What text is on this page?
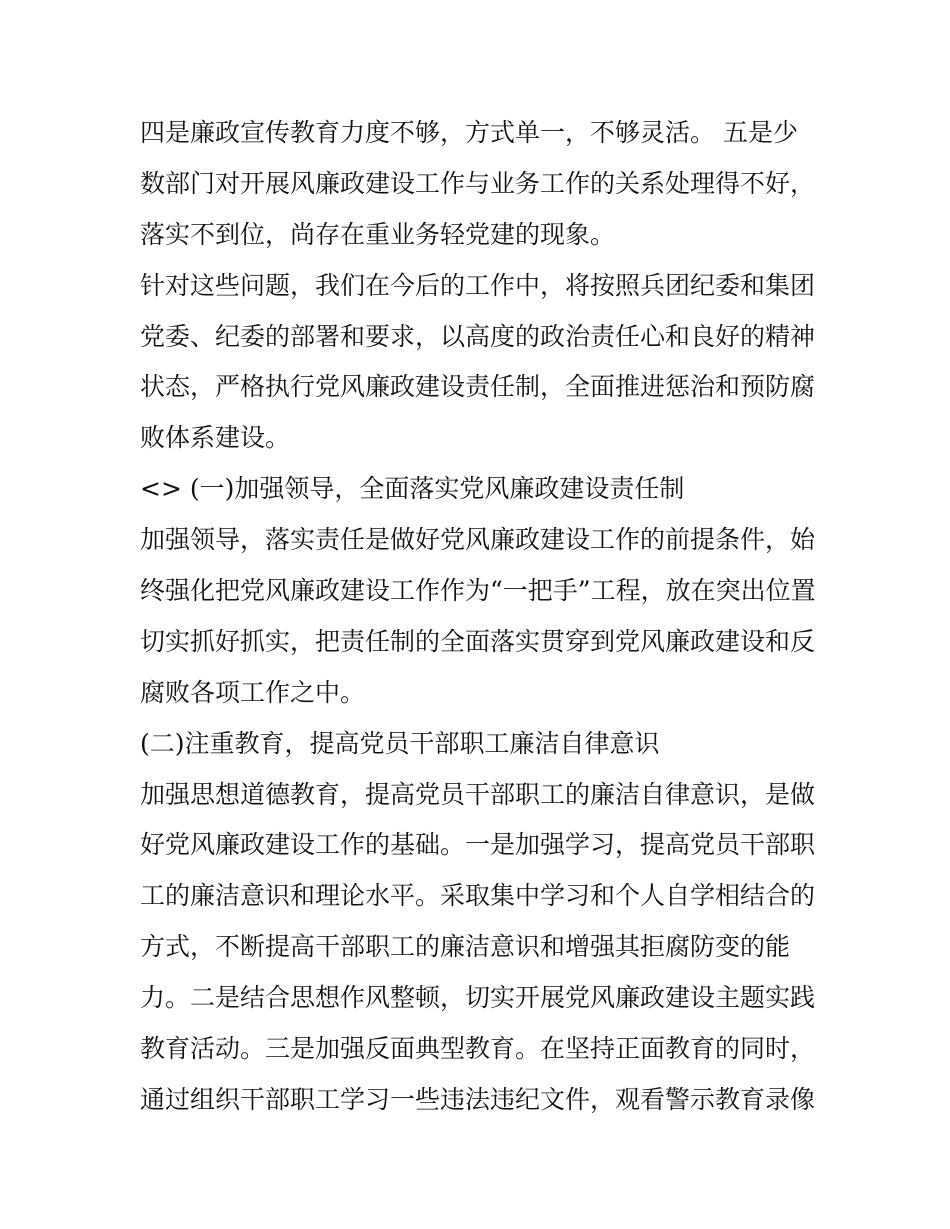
四是廉政宣传教育力度不够，方式单一，不够灵活。 五是少
数部门对开展风廉政建设工作与业务工作的关系处理得不好，
落实不到位，尚存在重业务轻党建的现象。
针对这些问题，我们在今后的工作中，将按照兵团纪委和集团
党委、纪委的部署和要求，以高度的政治责任心和良好的精神
状态，严格执行党风廉政建设责任制，全面推进惩治和预防腐
败体系建设。
<> (一)加强领导，全面落实党风廉政建设责任制
加强领导，落实责任是做好党风廉政建设工作的前提条件，始
终强化把党风廉政建设工作作为“一把手”工程，放在突出位置
切实抓好抓实，把责任制的全面落实贯穿到党风廉政建设和反
腐败各项工作之中。
(二)注重教育，提高党员干部职工廉洁自律意识
加强思想道德教育，提高党员干部职工的廉洁自律意识，是做
好党风廉政建设工作的基础。一是加强学习，提高党员干部职
工的廉洁意识和理论水平。采取集中学习和个人自学相结合的
方式，不断提高干部职工的廉洁意识和增强其拒腐防变的能
力。二是结合思想作风整顿，切实开展党风廉政建设主题实践
教育活动。三是加强反面典型教育。在坚持正面教育的同时，
通过组织干部职工学习一些违法违纪文件，观看警示教育录像
